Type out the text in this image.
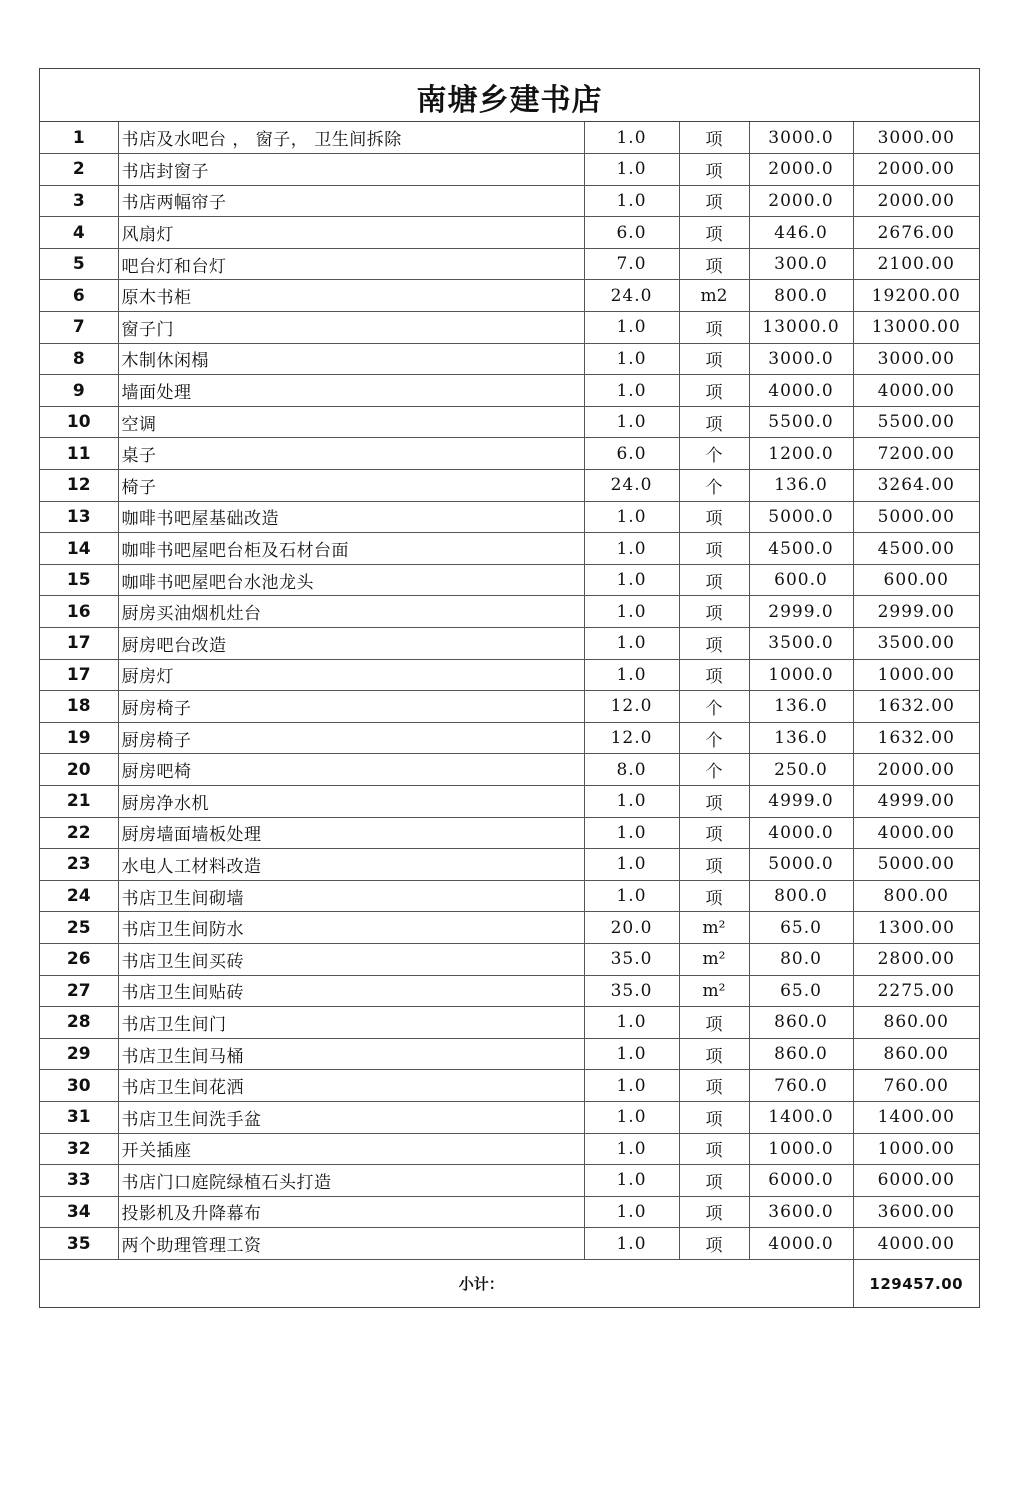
南塘乡建书店
1	书店及水吧台 ， 窗子， 卫生间拆除	1.0	项	3000.0	3000.00
2	书店封窗子	1.0	项	2000.0	2000.00
3	书店两幅帘子	1.0	项	2000.0	2000.00
4	风扇灯	6.0	项	446.0	2676.00
5	吧台灯和台灯	7.0	项	300.0	2100.00
6	原木书柜	24.0	m2	800.0	19200.00
7	窗子门	1.0	项	13000.0	13000.00
8	木制休闲榻	1.0	项	3000.0	3000.00
9	墙面处理	1.0	项	4000.0	4000.00
10	空调	1.0	项	5500.0	5500.00
11	桌子	6.0	个	1200.0	7200.00
12	椅子	24.0	个	136.0	3264.00
13	咖啡书吧屋基础改造	1.0	项	5000.0	5000.00
14	咖啡书吧屋吧台柜及石材台面	1.0	项	4500.0	4500.00
15	咖啡书吧屋吧台水池龙头	1.0	项	600.0	600.00
16	厨房买油烟机灶台	1.0	项	2999.0	2999.00
17	厨房吧台改造	1.0	项	3500.0	3500.00
17	厨房灯	1.0	项	1000.0	1000.00
18	厨房椅子	12.0	个	136.0	1632.00
19	厨房椅子	12.0	个	136.0	1632.00
20	厨房吧椅	8.0	个	250.0	2000.00
21	厨房净水机	1.0	项	4999.0	4999.00
22	厨房墙面墙板处理	1.0	项	4000.0	4000.00
23	水电人工材料改造	1.0	项	5000.0	5000.00
24	书店卫生间砌墙	1.0	项	800.0	800.00
25	书店卫生间防水	20.0	m²	65.0	1300.00
26	书店卫生间买砖	35.0	m²	80.0	2800.00
27	书店卫生间贴砖	35.0	m²	65.0	2275.00
28	书店卫生间门	1.0	项	860.0	860.00
29	书店卫生间马桶	1.0	项	860.0	860.00
30	书店卫生间花洒	1.0	项	760.0	760.00
31	书店卫生间洗手盆	1.0	项	1400.0	1400.00
32	开关插座	1.0	项	1000.0	1000.00
33	书店门口庭院绿植石头打造	1.0	项	6000.0	6000.00
34	投影机及升降幕布	1.0	项	3600.0	3600.00
35	两个助理管理工资	1.0	项	4000.0	4000.00
小计：					129457.00
